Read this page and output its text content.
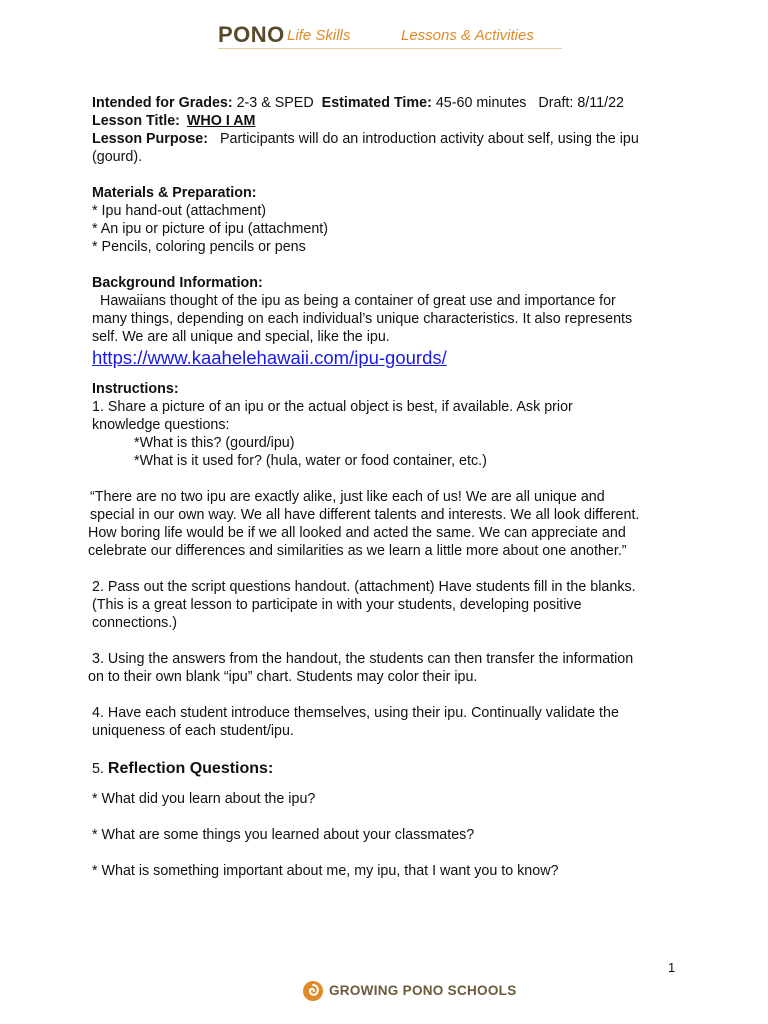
PONO Life Skills	Lessons & Activities
Intended for Grades: 2-3 & SPED Estimated Time: 45-60 minutes Draft: 8/11/22
Lesson Title: WHO I AM
Lesson Purpose: Participants will do an introduction activity about self, using the ipu
(gourd).
Materials & Preparation:
* Ipu hand-out (attachment)
* An ipu or picture of ipu (attachment)
* Pencils, coloring pencils or pens
Background Information:
Hawaiians thought of the ipu as being a container of great use and importance for
many things, depending on each individual’s unique characteristics. It also represents
self. We are all unique and special, like the ipu.
https://www.kaahelehawaii.com/ipu-gourds/
Instructions:
1. Share a picture of an ipu or the actual object is best, if available. Ask prior
knowledge questions:
*What is this? (gourd/ipu)
*What is it used for? (hula, water or food container, etc.)
“There are no two ipu are exactly alike, just like each of us! We are all unique and
special in our own way. We all have different talents and interests. We all look different.
How boring life would be if we all looked and acted the same. We can appreciate and
celebrate our differences and similarities as we learn a little more about one another.”
2. Pass out the script questions handout. (attachment) Have students fill in the blanks.
(This is a great lesson to participate in with your students, developing positive
connections.)
3. Using the answers from the handout, the students can then transfer the information
on to their own blank “ipu” chart. Students may color their ipu.
4. Have each student introduce themselves, using their ipu. Continually validate the
uniqueness of each student/ipu.
5. Reflection Questions:
* What did you learn about the ipu?
* What are some things you learned about your classmates?
* What is something important about me, my ipu, that I want you to know?
1
GROWING PONO SCHOOLS
